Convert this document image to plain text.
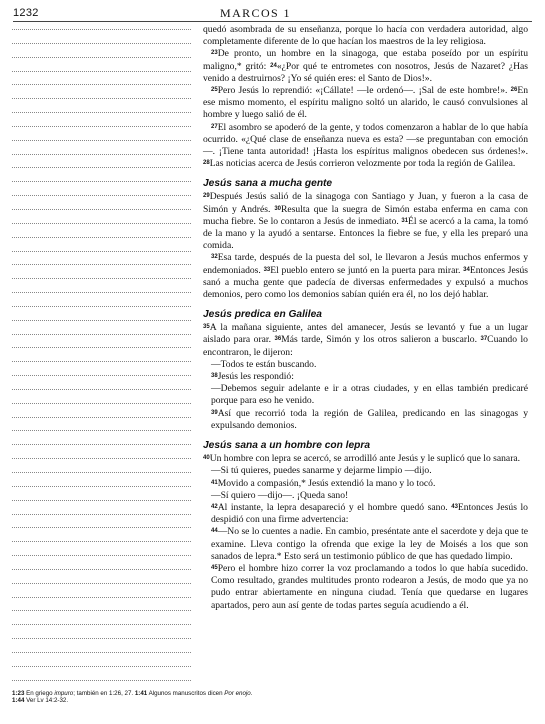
1232	MARCOS 1

quedó asombrada de su enseñanza, porque lo hacía con verdadera autoridad, algo completamente diferente de lo que hacían los maestros de la ley religiosa.

$^{23}$De pronto, un hombre en la sinagoga, que estaba poseído por un espíritu maligno,* gritó: $^{24}$«¿Por qué te entrometes con nosotros, Jesús de Nazaret? ¿Has venido a destruirnos? ¡Yo sé quién eres: el Santo de Dios!».

$^{25}$Pero Jesús lo reprendió: «¡Cállate! —le ordenó—. ¡Sal de este hombre!». $^{26}$En ese mismo momento, el espíritu maligno soltó un alarido, le causó convulsiones al hombre y luego salió de él.

$^{27}$El asombro se apoderó de la gente, y todos comenzaron a hablar de lo que había ocurrido. «¿Qué clase de enseñanza nueva es esta? —se preguntaban con emoción—. ¡Tiene tanta autoridad! ¡Hasta los espíritus malignos obedecen sus órdenes!». $^{28}$Las noticias acerca de Jesús corrieron velozmente por toda la región de Galilea.

Jesús sana a mucha gente

$^{29}$Después Jesús salió de la sinagoga con Santiago y Juan, y fueron a la casa de Simón y Andrés. $^{30}$Resulta que la suegra de Simón estaba enferma en cama con mucha fiebre. Se lo contaron a Jesús de inmediato. $^{31}$Él se acercó a la cama, la tomó de la mano y la ayudó a sentarse. Entonces la fiebre se fue, y ella les preparó una comida.

$^{32}$Esa tarde, después de la puesta del sol, le llevaron a Jesús muchos enfermos y endemoniados. $^{33}$El pueblo entero se juntó en la puerta para mirar. $^{34}$Entonces Jesús sanó a mucha gente que padecía de diversas enfermedades y expulsó a muchos demonios, pero como los demonios sabían quién era él, no los dejó hablar.

Jesús predica en Galilea

$^{35}$A la mañana siguiente, antes del amanecer, Jesús se levantó y fue a un lugar aislado para orar. $^{36}$Más tarde, Simón y los otros salieron a buscarlo. $^{37}$Cuando lo encontraron, le dijeron:

—Todos te están buscando.

$^{38}$Jesús les respondió:

—Debemos seguir adelante e ir a otras ciudades, y en ellas también predicaré porque para eso he venido.

$^{39}$Así que recorrió toda la región de Galilea, predicando en las sinagogas y expulsando demonios.

Jesús sana a un hombre con lepra

$^{40}$Un hombre con lepra se acercó, se arrodilló ante Jesús y le suplicó que lo sanara.

—Si tú quieres, puedes sanarme y dejarme limpio —dijo.

$^{41}$Movido a compasión,* Jesús extendió la mano y lo tocó.

—Sí quiero —dijo—. ¡Queda sano!

$^{42}$Al instante, la lepra desapareció y el hombre quedó sano. $^{43}$Entonces Jesús lo despidió con una firme advertencia:

$^{44}$—No se lo cuentes a nadie. En cambio, preséntate ante el sacerdote y deja que te examine. Lleva contigo la ofrenda que exige la ley de Moisés a los que son sanados de lepra.* Esto será un testimonio público de que has quedado limpio.

$^{45}$Pero el hombre hizo correr la voz proclamando a todos lo que había sucedido. Como resultado, grandes multitudes pronto rodearon a Jesús, de modo que ya no pudo entrar abiertamente en ninguna ciudad. Tenía que quedarse en lugares apartados, pero aun así gente de todas partes seguía acudiendo a él.

1:23 En griego impuro; también en 1:26, 27. 1:41 Algunos manuscritos dicen Por enojo.
1:44 Ver Lv 14:2-32.
